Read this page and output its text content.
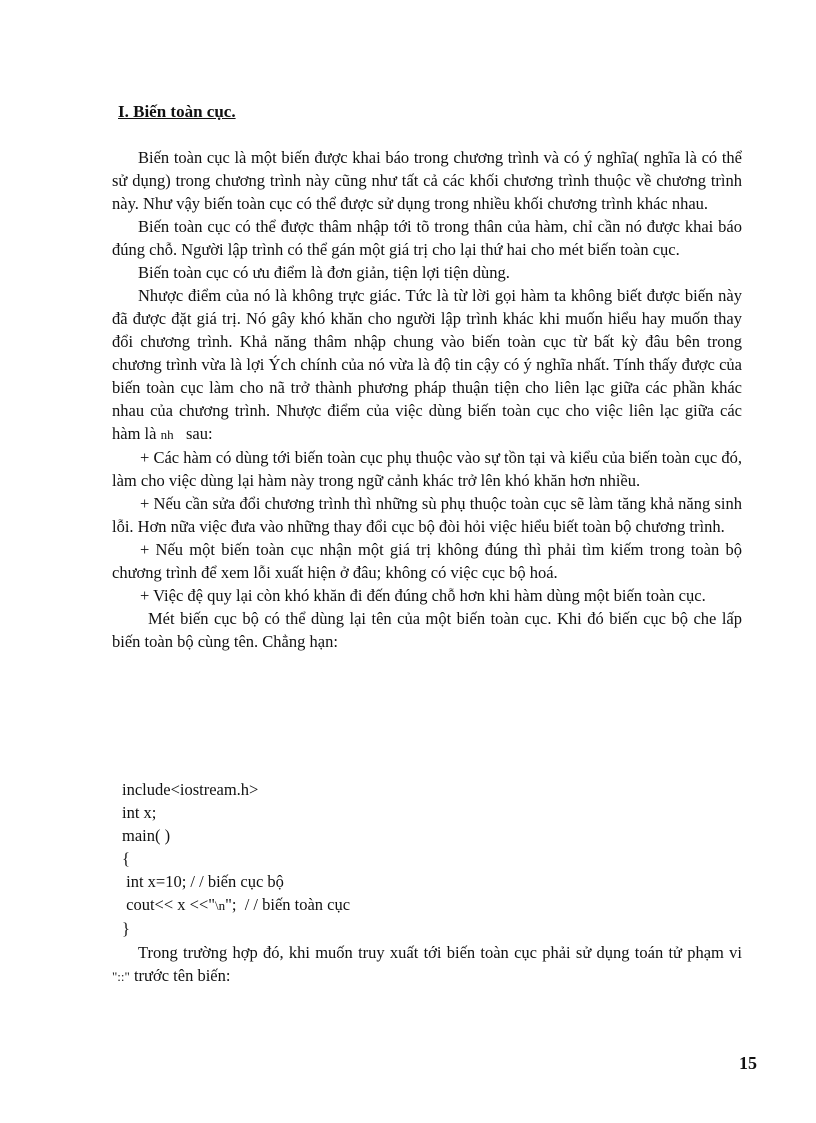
I. Biến toàn cục.

Biến toàn cục là một biến được khai báo trong chương trình và có ý nghĩa( nghĩa là có thể sử dụng) trong chương trình này cũng như tất cả các khối chương trình thuộc về chương trình này. Như vậy biến toàn cục có thể được sử dụng trong nhiều khối chương trình khác nhau.

Biến toàn cục có thể được thâm nhập tới tõ trong thân của hàm, chỉ cần nó được khai báo đúng chỗ. Người lập trình có thể gán một giá trị cho lại thứ hai cho mét biến toàn cục.

Biến toàn cục có ưu điểm là đơn giản, tiện lợi tiện dùng.

Nhược điểm của nó là không trực giác. Tức là từ lời gọi hàm ta không biết được biến này đã được đặt giá trị. Nó gây khó khăn cho người lập trình khác khi muốn hiểu hay muốn thay đổi chương trình. Khả năng thâm nhập chung vào biến toàn cục từ bất kỳ đâu bên trong chương trình vừa là lợi Ých chính của nó vừa là độ tin cậy có ý nghĩa nhất. Tính thấy được của biến toàn cục làm cho nã trở thành phương pháp thuận tiện cho liên lạc giữa các phần khác nhau của chương trình. Nhược điểm của việc dùng biến toàn cục cho việc liên lạc giữa các hàm là nh sau:

+ Các hàm có dùng tới biến toàn cục phụ thuộc vào sự tồn tại và kiểu của biến toàn cục đó, làm cho việc dùng lại hàm này trong ngữ cảnh khác trở lên khó khăn hơn nhiều.

+ Nếu cần sửa đổi chương trình thì những sù phụ thuộc toàn cục sẽ làm tăng khả năng sinh lỗi. Hơn nữa việc đưa vào những thay đổi cục bộ đòi hỏi việc hiểu biết toàn bộ chương trình.

+ Nếu một biến toàn cục nhận một giá trị không đúng thì phải tìm kiếm trong toàn bộ chương trình để xem lỗi xuất hiện ở đâu; không có việc cục bộ hoá.

+ Việc đệ quy lại còn khó khăn đi đến đúng chỗ hơn khi hàm dùng một biến toàn cục.

Mét biến cục bộ có thể dùng lại tên của một biến toàn cục. Khi đó biến cục bộ che lấp biến toàn bộ cùng tên. Chẳng hạn:

include<iostream.h>
int x;
main( )
{
int x=10; / / biến cục bộ
cout<< x <<"\n";  / / biến toàn cục
}

Trong trường hợp đó, khi muốn truy xuất tới biến toàn cục phải sử dụng toán tử phạm vi "::" trước tên biến:

15
